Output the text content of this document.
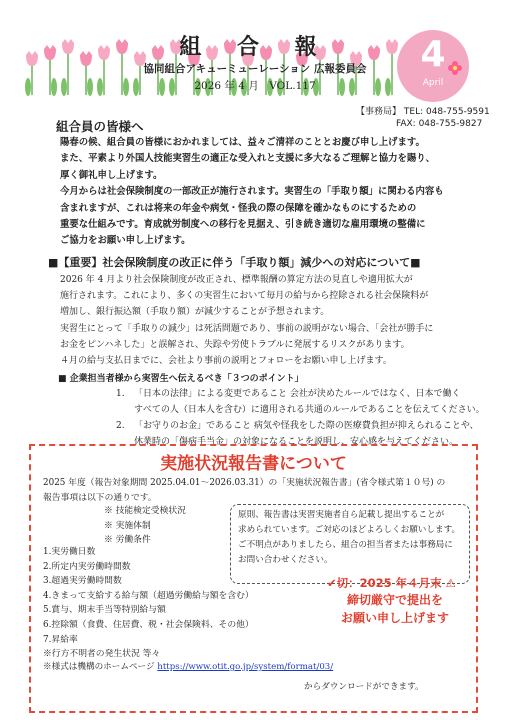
組 合 報
協同組合アキューミューレーション 広報委員会
2026 年 4 月　VOL.117
4
April
【事務局】 TEL: 048-755-9591
FAX: 048-755-9827
組合員の皆様へ

陽春の候、組合員の皆様におかれましては、益々ご清祥のこととお慶び申し上げます。

また、平素より外国人技能実習生の適正な受入れと支援に多大なるご理解と協力を賜り、

厚く御礼申し上げます。

今月からは社会保険制度の一部改正が施行されます。実習生の「手取り額」に関わる内容も

含まれますが、これは将来の年金や病気・怪我の際の保障を確かなものにするための

重要な仕組みです。育成就労制度への移行を見据え、引き続き適切な雇用環境の整備に

ご協力をお願い申し上げます。

■【重要】社会保険制度の改正に伴う「手取り額」減少への対応について■

2026 年 4 月より社会保険制度が改正され、標準報酬の算定方法の見直しや適用拡大が

施行されます。これにより、多くの実習生において毎月の給与から控除される社会保険料が

増加し、銀行振込額（手取り額）が減少することが予想されます。

実習生にとって「手取りの減少」は死活問題であり、事前の説明がない場合、「会社が勝手に

お金をピンハネした」と誤解され、失踪や労使トラブルに発展するリスクがあります。

４月の給与支払日までに、会社より事前の説明とフォローをお願い申し上げます。

■ 企業担当者様から実習生へ伝えるべき「３つのポイント」
1. 「日本の法律」による変更であること 会社が決めたルールではなく、日本で働く

すべての人（日本人を含む）に適用される共通のルールであることを伝えてください。

2. 「お守りのお金」であること 病気や怪我をした際の医療費負担が抑えられることや、

休業時の「傷病手当金」の対象になることを説明し、安心感を与えてください。

実施状況報告書について

2025 年度（報告対象期間 2025.04.01～2026.03.31）の「実施状況報告書」(省令様式第１０号) の

報告事項は以下の通りです。

※ 技能検定受検状況

※ 実施体制

※ 労働条件

1.実労働日数

2.所定内実労働時間数

3.超過実労働時間数

4.きまって支給する給与額（超過労働給与額を含む）

5.賞与、期末手当等特別給与額

6.控除額（食費、住居費、税・社会保険料、その他）

7.昇給率

※行方不明者の発生状況 等々

原則、報告書は実習実施者自ら記載し提出することが

求められています。ご対応のほどよろしくお願いします。

ご不明点がありましたら、組合の担当者または事務局に

お問い合わせください。

✔切：2025 年４月末 ⚠

締切厳守で提出を

お願い申し上げます

※様式は機構のホームページ https://www.otit.go.jp/system/format/03/
からダウンロードができます。
